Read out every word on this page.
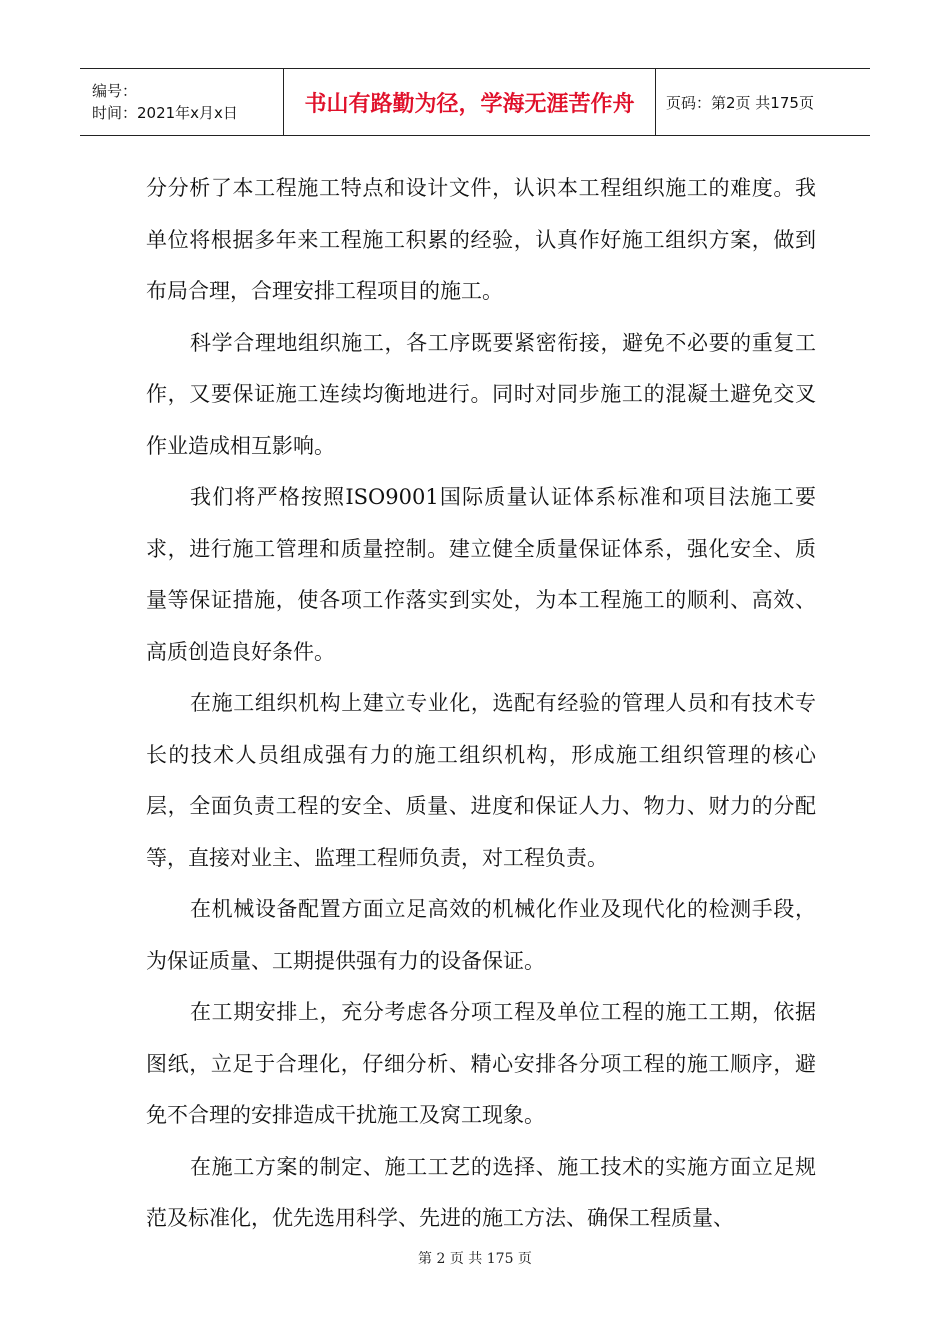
编号：
时间：2021年x月x日	书山有路勤为径，学海无涯苦作舟	页码：第2页 共175页

分分析了本工程施工特点和设计文件，认识本工程组织施工的难度。我单位将根据多年来工程施工积累的经验，认真作好施工组织方案，做到布局合理，合理安排工程项目的施工。

科学合理地组织施工，各工序既要紧密衔接，避免不必要的重复工作，又要保证施工连续均衡地进行。同时对同步施工的混凝土避免交叉作业造成相互影响。

我们将严格按照ISO9001国际质量认证体系标准和项目法施工要求，进行施工管理和质量控制。建立健全质量保证体系，强化安全、质量等保证措施，使各项工作落实到实处，为本工程施工的顺利、高效、高质创造良好条件。

在施工组织机构上建立专业化，选配有经验的管理人员和有技术专长的技术人员组成强有力的施工组织机构，形成施工组织管理的核心层，全面负责工程的安全、质量、进度和保证人力、物力、财力的分配等，直接对业主、监理工程师负责，对工程负责。

在机械设备配置方面立足高效的机械化作业及现代化的检测手段，为保证质量、工期提供强有力的设备保证。

在工期安排上，充分考虑各分项工程及单位工程的施工工期，依据图纸，立足于合理化，仔细分析、精心安排各分项工程的施工顺序，避免不合理的安排造成干扰施工及窝工现象。

在施工方案的制定、施工工艺的选择、施工技术的实施方面立足规范及标准化，优先选用科学、先进的施工方法、确保工程质量、

第 2 页 共 175 页
